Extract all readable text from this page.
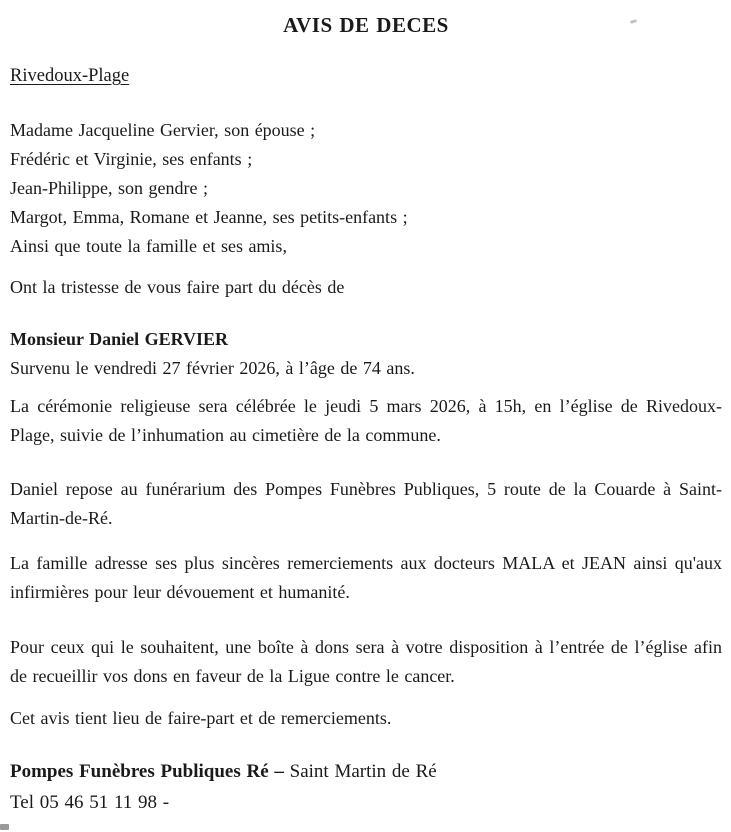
AVIS DE DECES
Rivedoux-Plage
Madame Jacqueline Gervier, son épouse ;
Frédéric et Virginie, ses enfants ;
Jean-Philippe, son gendre ;
Margot, Emma, Romane et Jeanne, ses petits-enfants ;
Ainsi que toute la famille et ses amis,
Ont la tristesse de vous faire part du décès de
Monsieur Daniel GERVIER
Survenu le vendredi 27 février 2026, à l’âge de 74 ans.
La cérémonie religieuse sera célébrée le jeudi 5 mars 2026, à 15h, en l’église de Rivedoux-
Plage, suivie de l’inhumation au cimetière de la commune.
Daniel repose au funérarium des Pompes Funèbres Publiques, 5 route de la Couarde à Saint-
Martin-de-Ré.
La famille adresse ses plus sincères remerciements aux docteurs MALA et JEAN ainsi qu'aux
infirmières pour leur dévouement et humanité.
Pour ceux qui le souhaitent, une boîte à dons sera à votre disposition à l’entrée de l’église afin
de recueillir vos dons en faveur de la Ligue contre le cancer.
Cet avis tient lieu de faire-part et de remerciements.
Pompes Funèbres Publiques Ré – Saint Martin de Ré
Tel 05 46 51 11 98 -
